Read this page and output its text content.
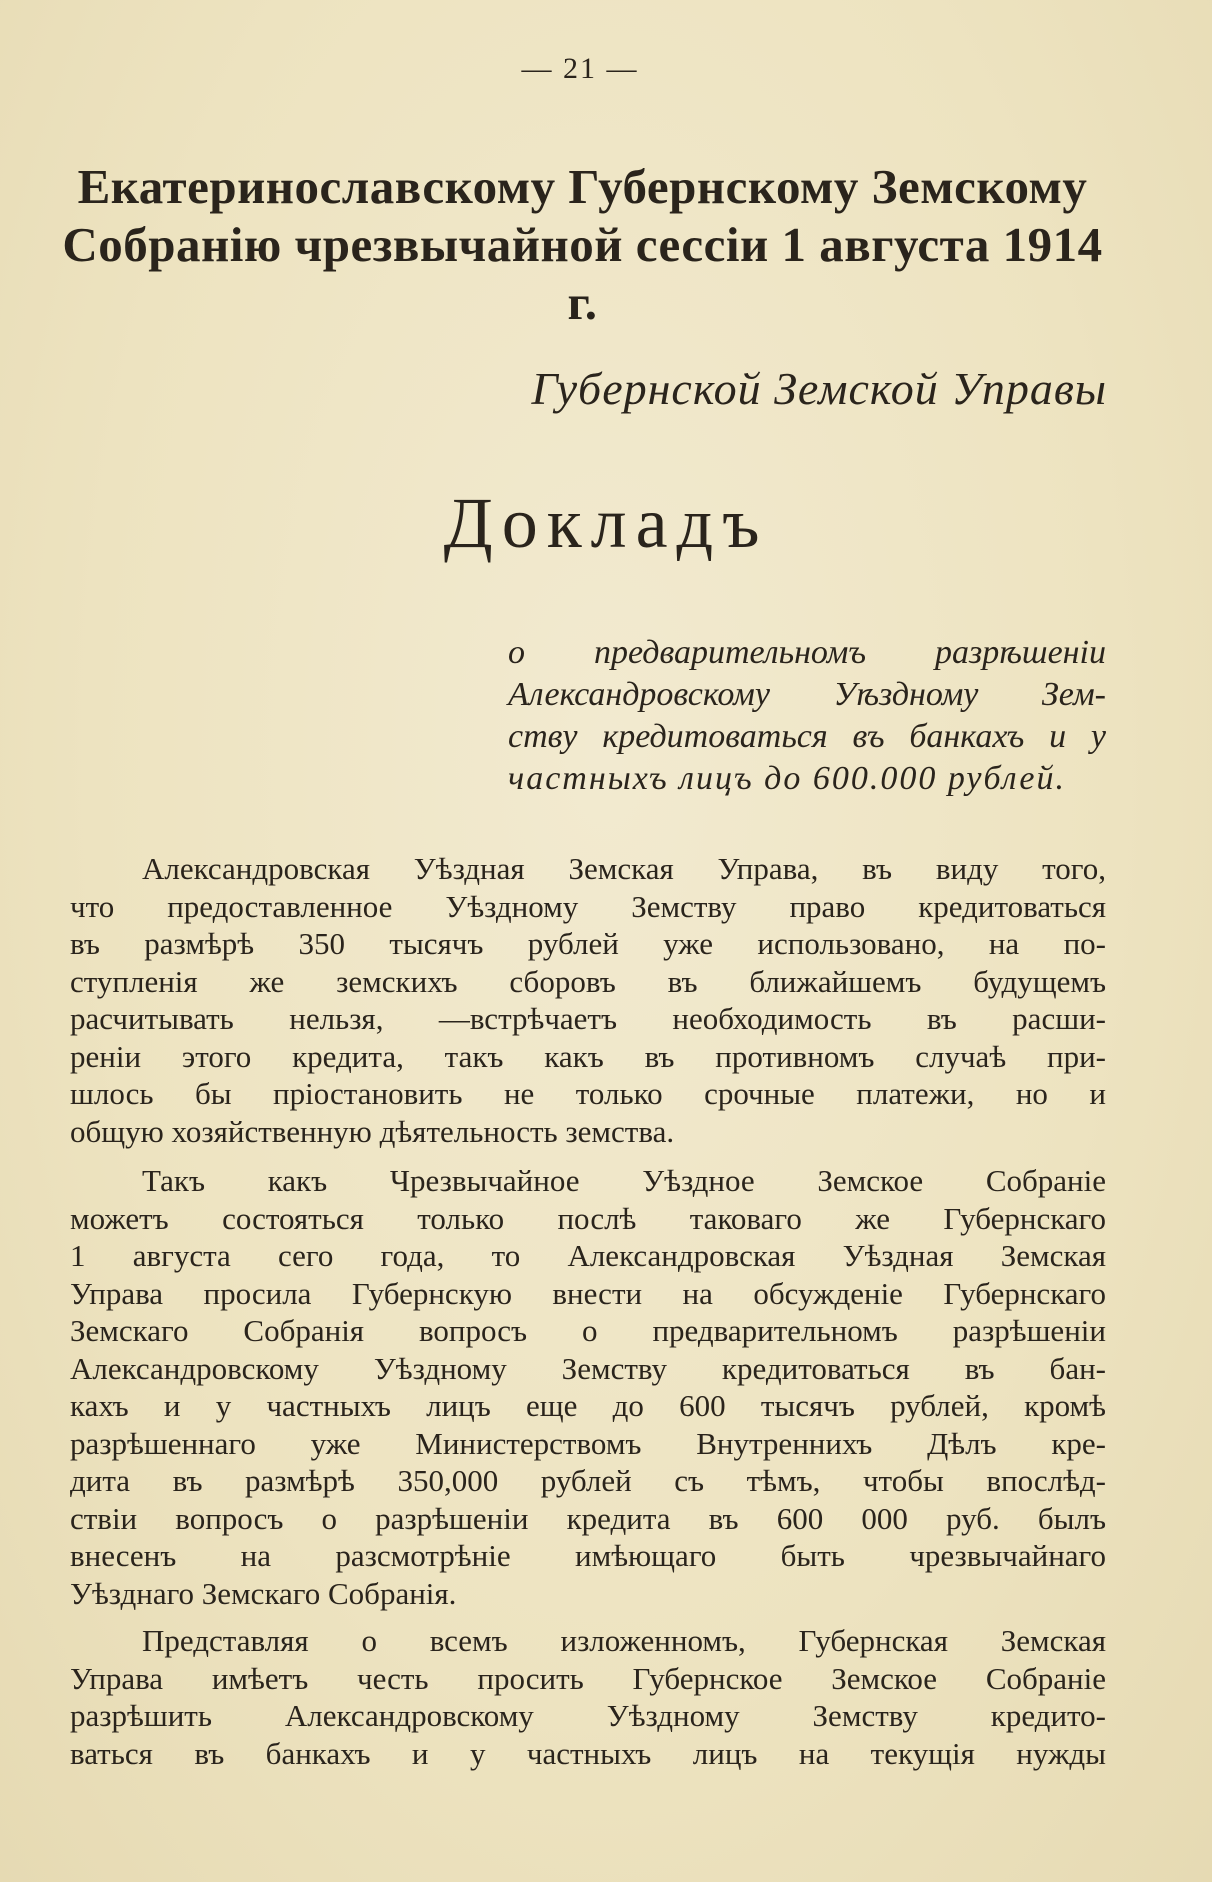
— 21 —
Екатеринославскому Губернскому Земскому
Собранію чрезвычайной сессіи 1 августа 1914 г.
Губернской Земской Управы
Докладъ
о предварительномъ разрѣшеніи
Александровскому Уѣздному Зем-
ству кредитоваться въ банкахъ и у
частныхъ лицъ до 600.000 рублей.
Александровская Уѣздная Земская Управа, въ виду того,
что предоставленное Уѣздному Земству право кредитоваться
въ размѣрѣ 350 тысячъ рублей уже использовано, на по-
ступленія же земскихъ сборовъ въ ближайшемъ будущемъ
расчитывать нельзя, —встрѣчаетъ необходимость въ расши-
реніи этого кредита, такъ какъ въ противномъ случаѣ при-
шлось бы пріостановить не только срочные платежи, но и
общую хозяйственную дѣятельность земства.
Такъ какъ Чрезвычайное Уѣздное Земское Собраніе
можетъ состояться только послѣ таковаго же Губернскаго
1 августа сего года, то Александровская Уѣздная Земская
Управа просила Губернскую внести на обсужденіе Губернскаго
Земскаго Собранія вопросъ о предварительномъ разрѣшеніи
Александровскому Уѣздному Земству кредитоваться въ бан-
кахъ и у частныхъ лицъ еще до 600 тысячъ рублей, кромѣ
разрѣшеннаго уже Министерствомъ Внутреннихъ Дѣлъ кре-
дита въ размѣрѣ 350,000 рублей съ тѣмъ, чтобы впослѣд-
ствіи вопросъ о разрѣшеніи кредита въ 600 000 руб. былъ
внесенъ на разсмотрѣніе имѣющаго быть чрезвычайнаго
Уѣзднаго Земскаго Собранія.
Представляя о всемъ изложенномъ, Губернская Земская
Управа имѣетъ честь просить Губернское Земское Собраніе
разрѣшить Александровскому Уѣздному Земству кредито-
ваться въ банкахъ и у частныхъ лицъ на текущія нужды
